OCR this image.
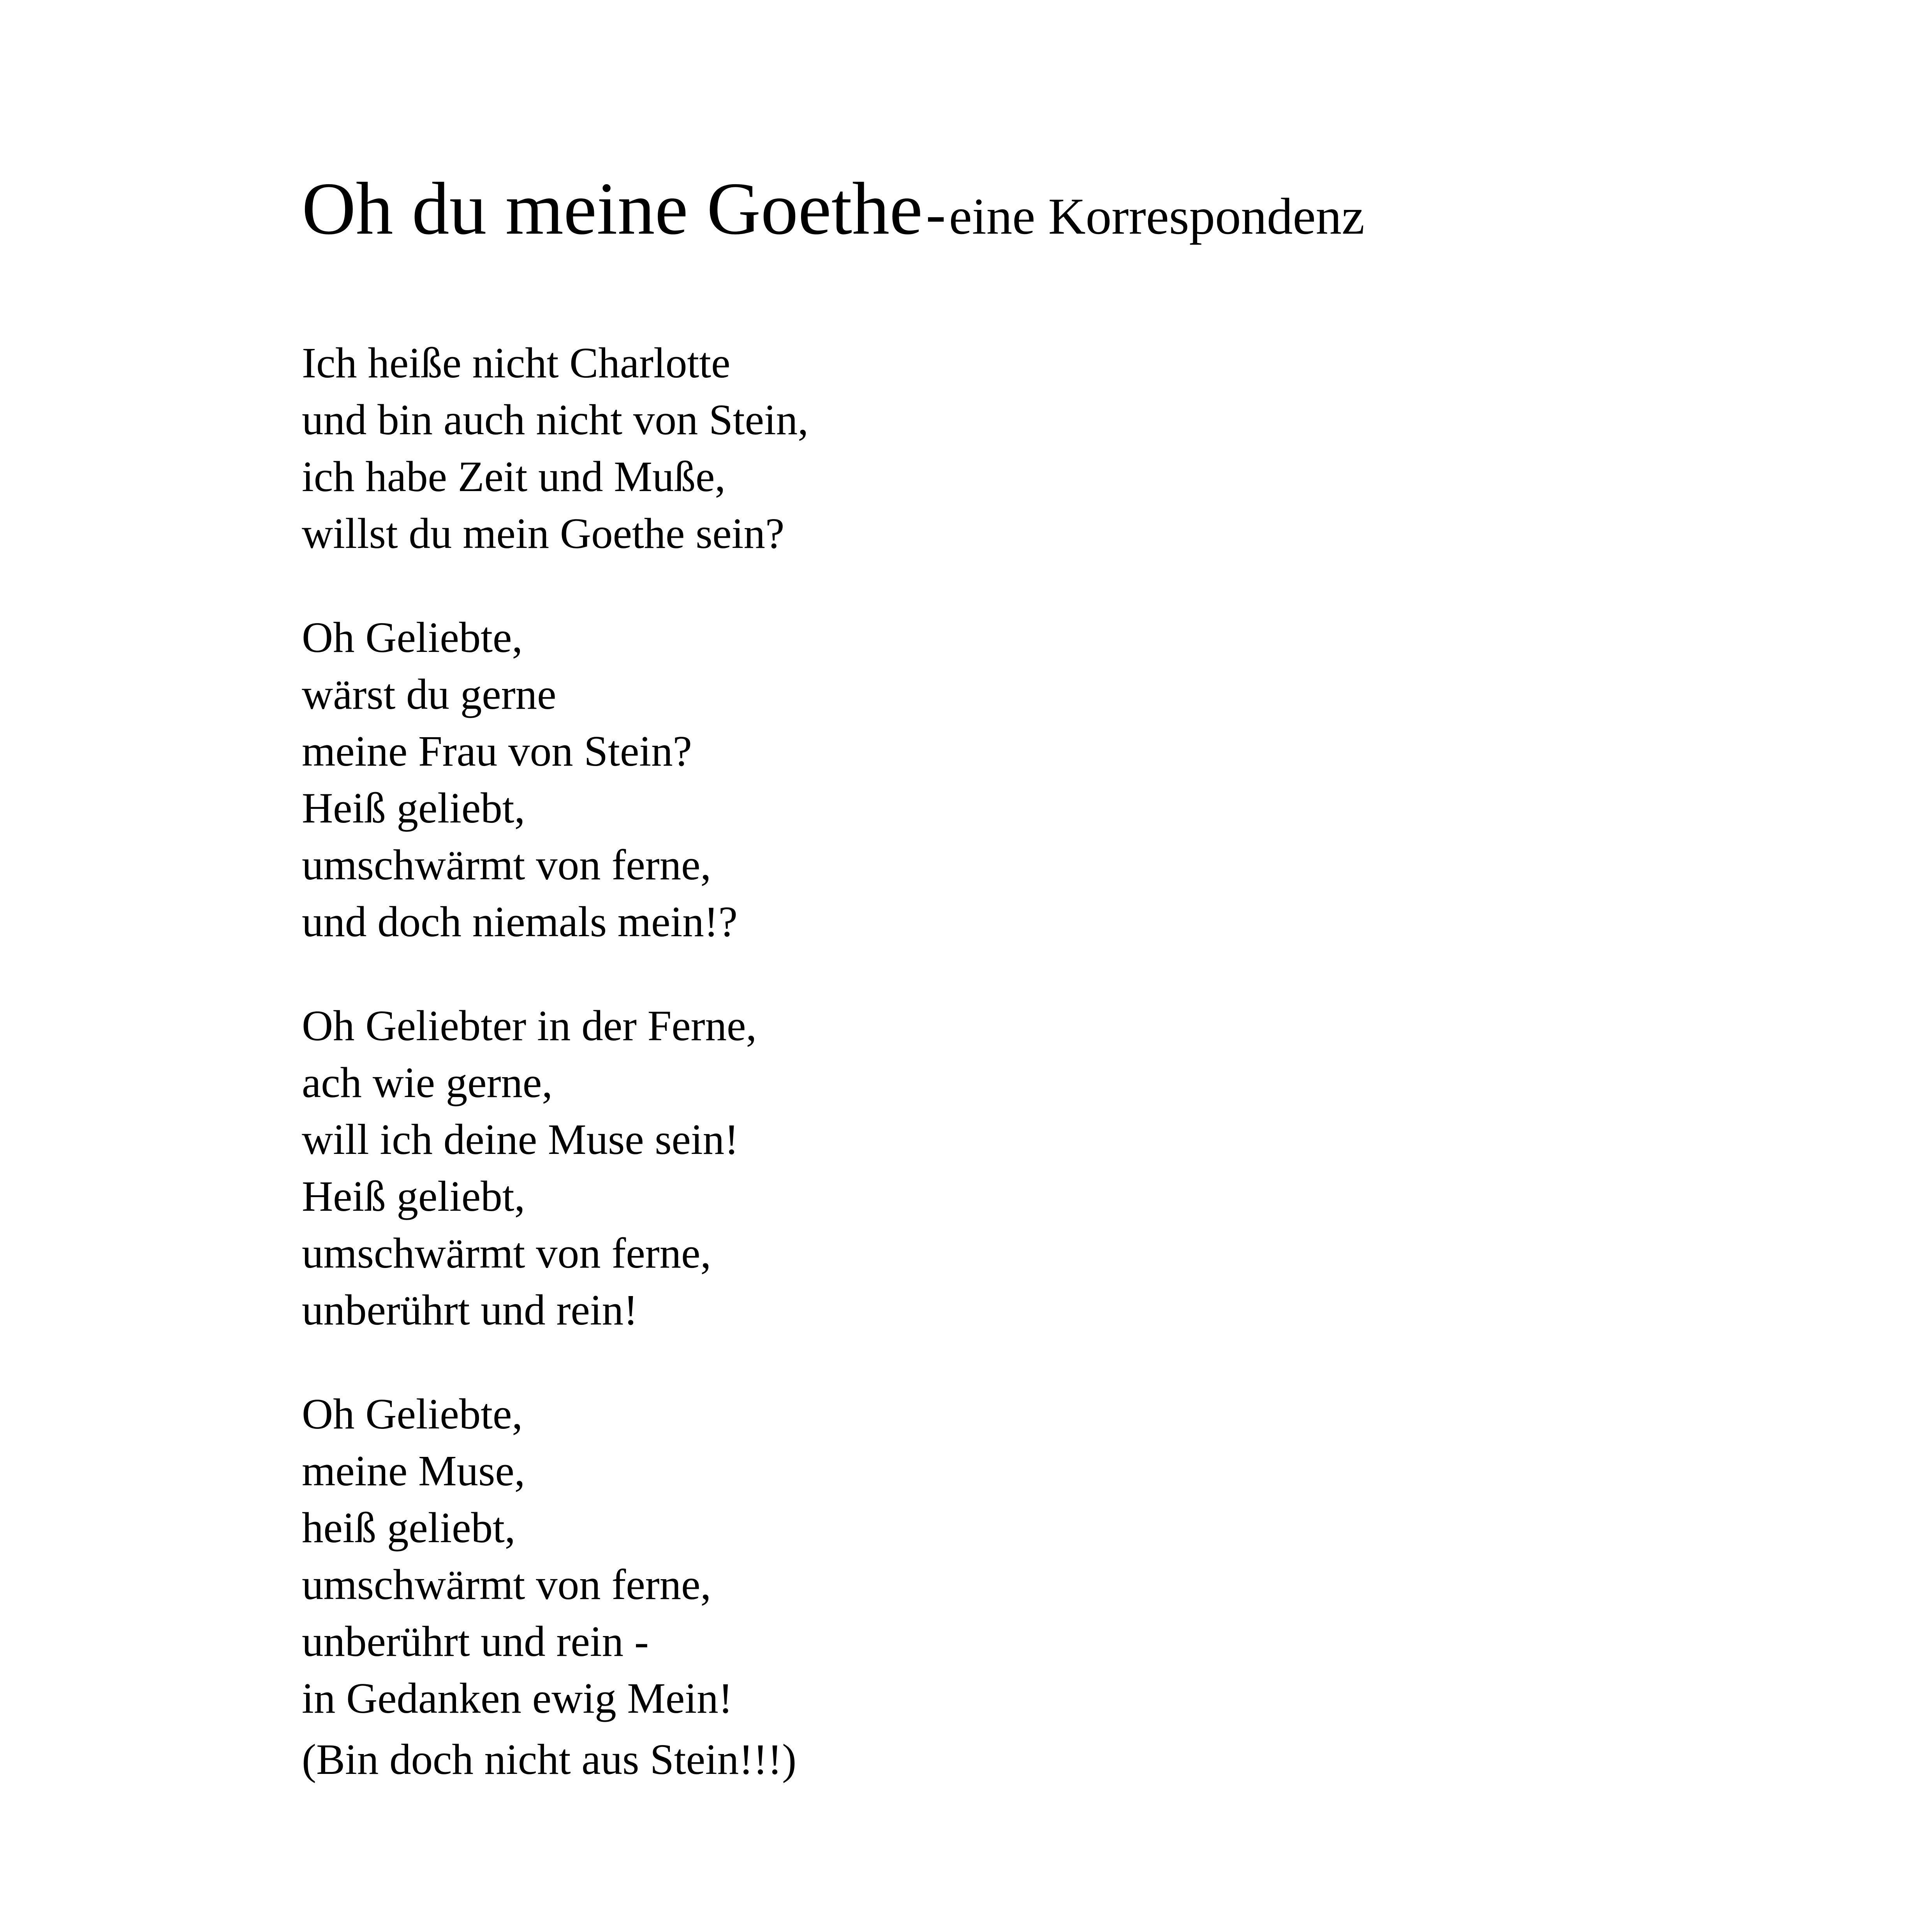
Oh du meine Goethe - eine Korrespondenz

Ich heiße nicht Charlotte
und bin auch nicht von Stein,
ich habe Zeit und Muße,
willst du mein Goethe sein?

Oh Geliebte,
wärst du gerne
meine Frau von Stein?
Heiß geliebt,
umschwärmt von ferne,
und doch niemals mein!?

Oh Geliebter in der Ferne,
ach wie gerne,
will ich deine Muse sein!
Heiß geliebt,
umschwärmt von ferne,
unberührt und rein!

Oh Geliebte,
meine Muse,
heiß geliebt,
umschwärmt von ferne,
unberührt und rein -
in Gedanken ewig Mein!

(Bin doch nicht aus Stein!!!)
